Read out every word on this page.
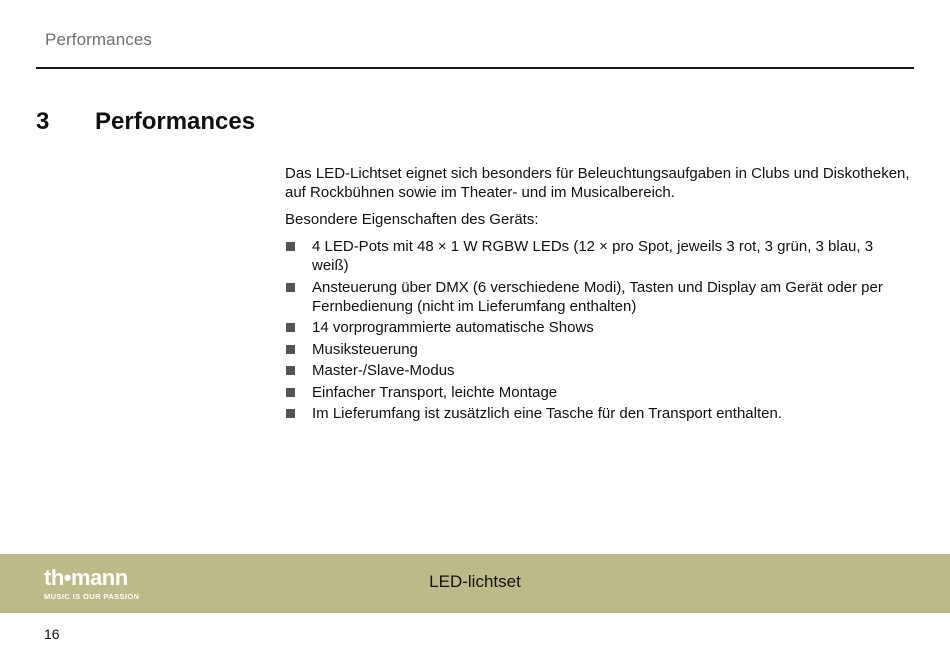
Performances
3 Performances

Das LED-Lichtset eignet sich besonders für Beleuchtungsaufgaben in Clubs und Diskotheken, auf Rockbühnen sowie im Theater- und im Musicalbereich.

Besondere Eigenschaften des Geräts:

4 LED-Pots mit 48 × 1 W RGBW LEDs (12 × pro Spot, jeweils 3 rot, 3 grün, 3 blau, 3 weiß)
Ansteuerung über DMX (6 verschiedene Modi), Tasten und Display am Gerät oder per Fernbedienung (nicht im Lieferumfang enthalten)
14 vorprogrammierte automatische Shows
Musiksteuerung
Master-/Slave-Modus
Einfacher Transport, leichte Montage
Im Lieferumfang ist zusätzlich eine Tasche für den Transport enthalten.
LED-lichtset
th•mann
MUSIC IS OUR PASSION
16
